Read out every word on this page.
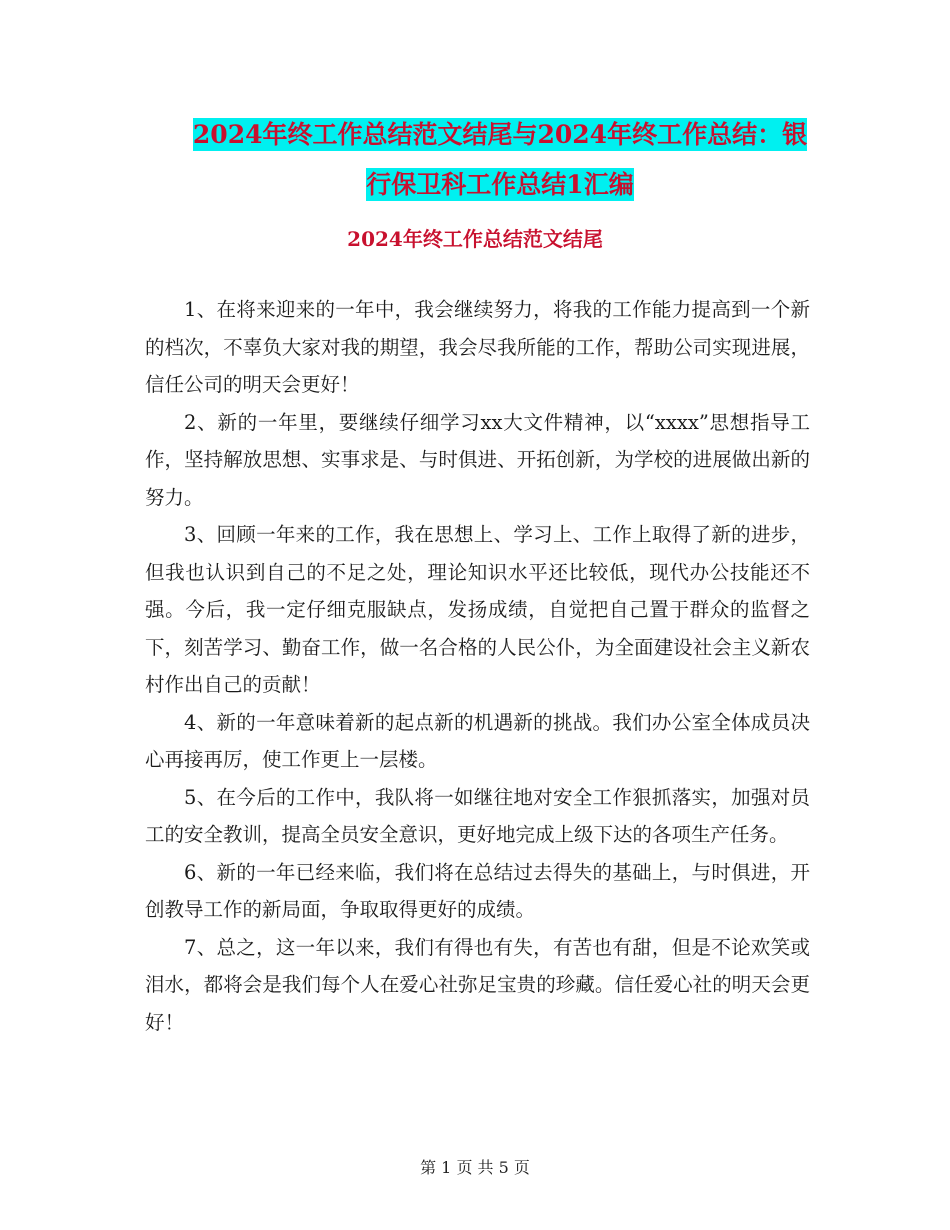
2024年终工作总结范文结尾与2024年终工作总结：银
行保卫科工作总结1汇编
2024年终工作总结范文结尾

1、在将来迎来的一年中，我会继续努力，将我的工作能力提高到一个新的档次，不辜负大家对我的期望，我会尽我所能的工作，帮助公司实现进展，信任公司的明天会更好！

2、新的一年里，要继续仔细学习xx大文件精神，以“xxxx”思想指导工作，坚持解放思想、实事求是、与时俱进、开拓创新，为学校的进展做出新的努力。

3、回顾一年来的工作，我在思想上、学习上、工作上取得了新的进步，但我也认识到自己的不足之处，理论知识水平还比较低，现代办公技能还不强。今后，我一定仔细克服缺点，发扬成绩，自觉把自己置于群众的监督之下，刻苦学习、勤奋工作，做一名合格的人民公仆，为全面建设社会主义新农村作出自己的贡献！

4、新的一年意味着新的起点新的机遇新的挑战。我们办公室全体成员决心再接再厉，使工作更上一层楼。

5、在今后的工作中，我队将一如继往地对安全工作狠抓落实，加强对员工的安全教训，提高全员安全意识，更好地完成上级下达的各项生产任务。

6、新的一年已经来临，我们将在总结过去得失的基础上，与时俱进，开创教导工作的新局面，争取取得更好的成绩。

7、总之，这一年以来，我们有得也有失，有苦也有甜，但是不论欢笑或泪水，都将会是我们每个人在爱心社弥足宝贵的珍藏。信任爱心社的明天会更好！

第 1 页 共 5 页
